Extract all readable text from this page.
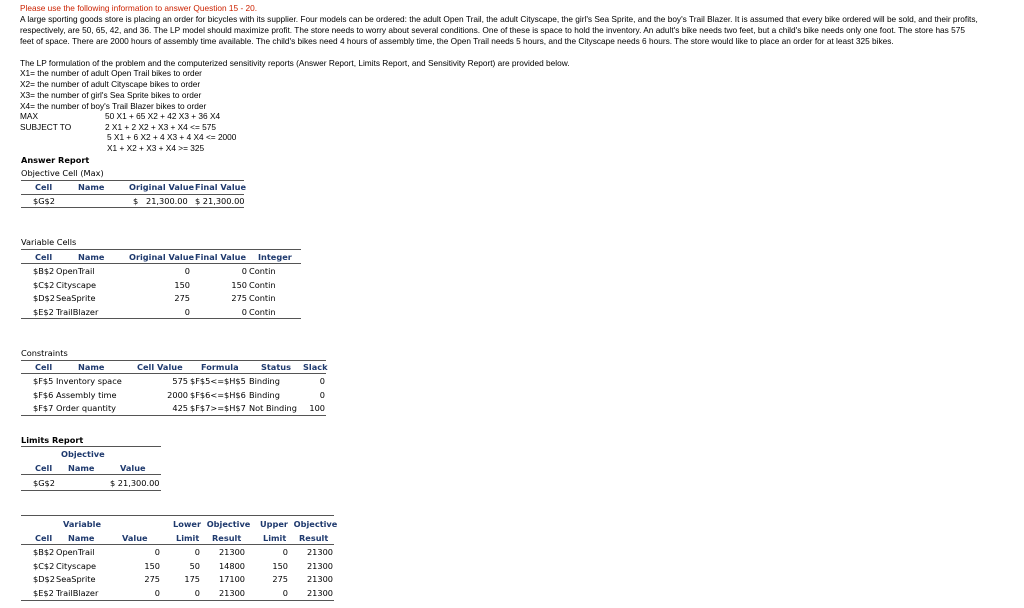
Please use the following information to answer Question 15 - 20.
A large sporting goods store is placing an order for bicycles with its supplier. Four models can be ordered: the adult Open Trail, the adult Cityscape, the girl's Sea Sprite, and the boy's Trail Blazer. It is assumed that every bike ordered will be sold, and their profits, respectively, are 50, 65, 42, and 36. The LP model should maximize profit. The store needs to worry about several conditions. One of these is space to hold the inventory. An adult's bike needs two feet, but a child's bike needs only one foot. The store has 575 feet of space. There are 2000 hours of assembly time available. The child's bikes need 4 hours of assembly time, the Open Trail needs 5 hours, and the Cityscape needs 6 hours. The store would like to place an order for at least 325 bikes.
The LP formulation of the problem and the computerized sensitivity reports (Answer Report, Limits Report, and Sensitivity Report) are provided below.
X1= the number of adult Open Trail bikes to order
X2= the number of adult Cityscape bikes to order
X3= the number of girl's Sea Sprite bikes to order
X4= the number of boy's Trail Blazer bikes to order
MAX	50 X1 + 65 X2 + 42 X3 + 36 X4
SUBJECT TO	2 X1 + 2 X2 + X3 + X4 <= 575
5 X1 + 6 X2 + 4 X3 + 4 X4 <= 2000
X1 + X2 + X3 + X4 >= 325
Answer Report
Objective Cell (Max)
Cell	Name	Original Value Final Value
$G$2	$   21,300.00 $ 21,300.00
Variable Cells
Cell	Name	Original Value Final Value Integer
$B$2 OpenTrail	0	0 Contin
$C$2 Cityscape	150	150 Contin
$D$2 SeaSprite	275	275 Contin
$E$2 TrailBlazer	0	0 Contin
Constraints
Cell	Name	Cell Value Formula	Status Slack
$F$5 Inventory space	575 $F$5<=$H$5 Binding	0
$F$6 Assembly time	2000 $F$6<=$H$6 Binding	0
$F$7 Order quantity	425 $F$7>=$H$7 Not Binding	100
Limits Report
Objective
Cell Name	Value
$G$2	$ 21,300.00
Variable	Lower  Objective Upper  Objective
Cell Name	Value	Limit Result	Limit Result
$B$2 OpenTrail	0	0	21300	0	21300
$C$2 Cityscape	150	50	14800	150	21300
$D$2 SeaSprite	275	175	17100	275	21300
$E$2 TrailBlazer	0	0	21300	0	21300
